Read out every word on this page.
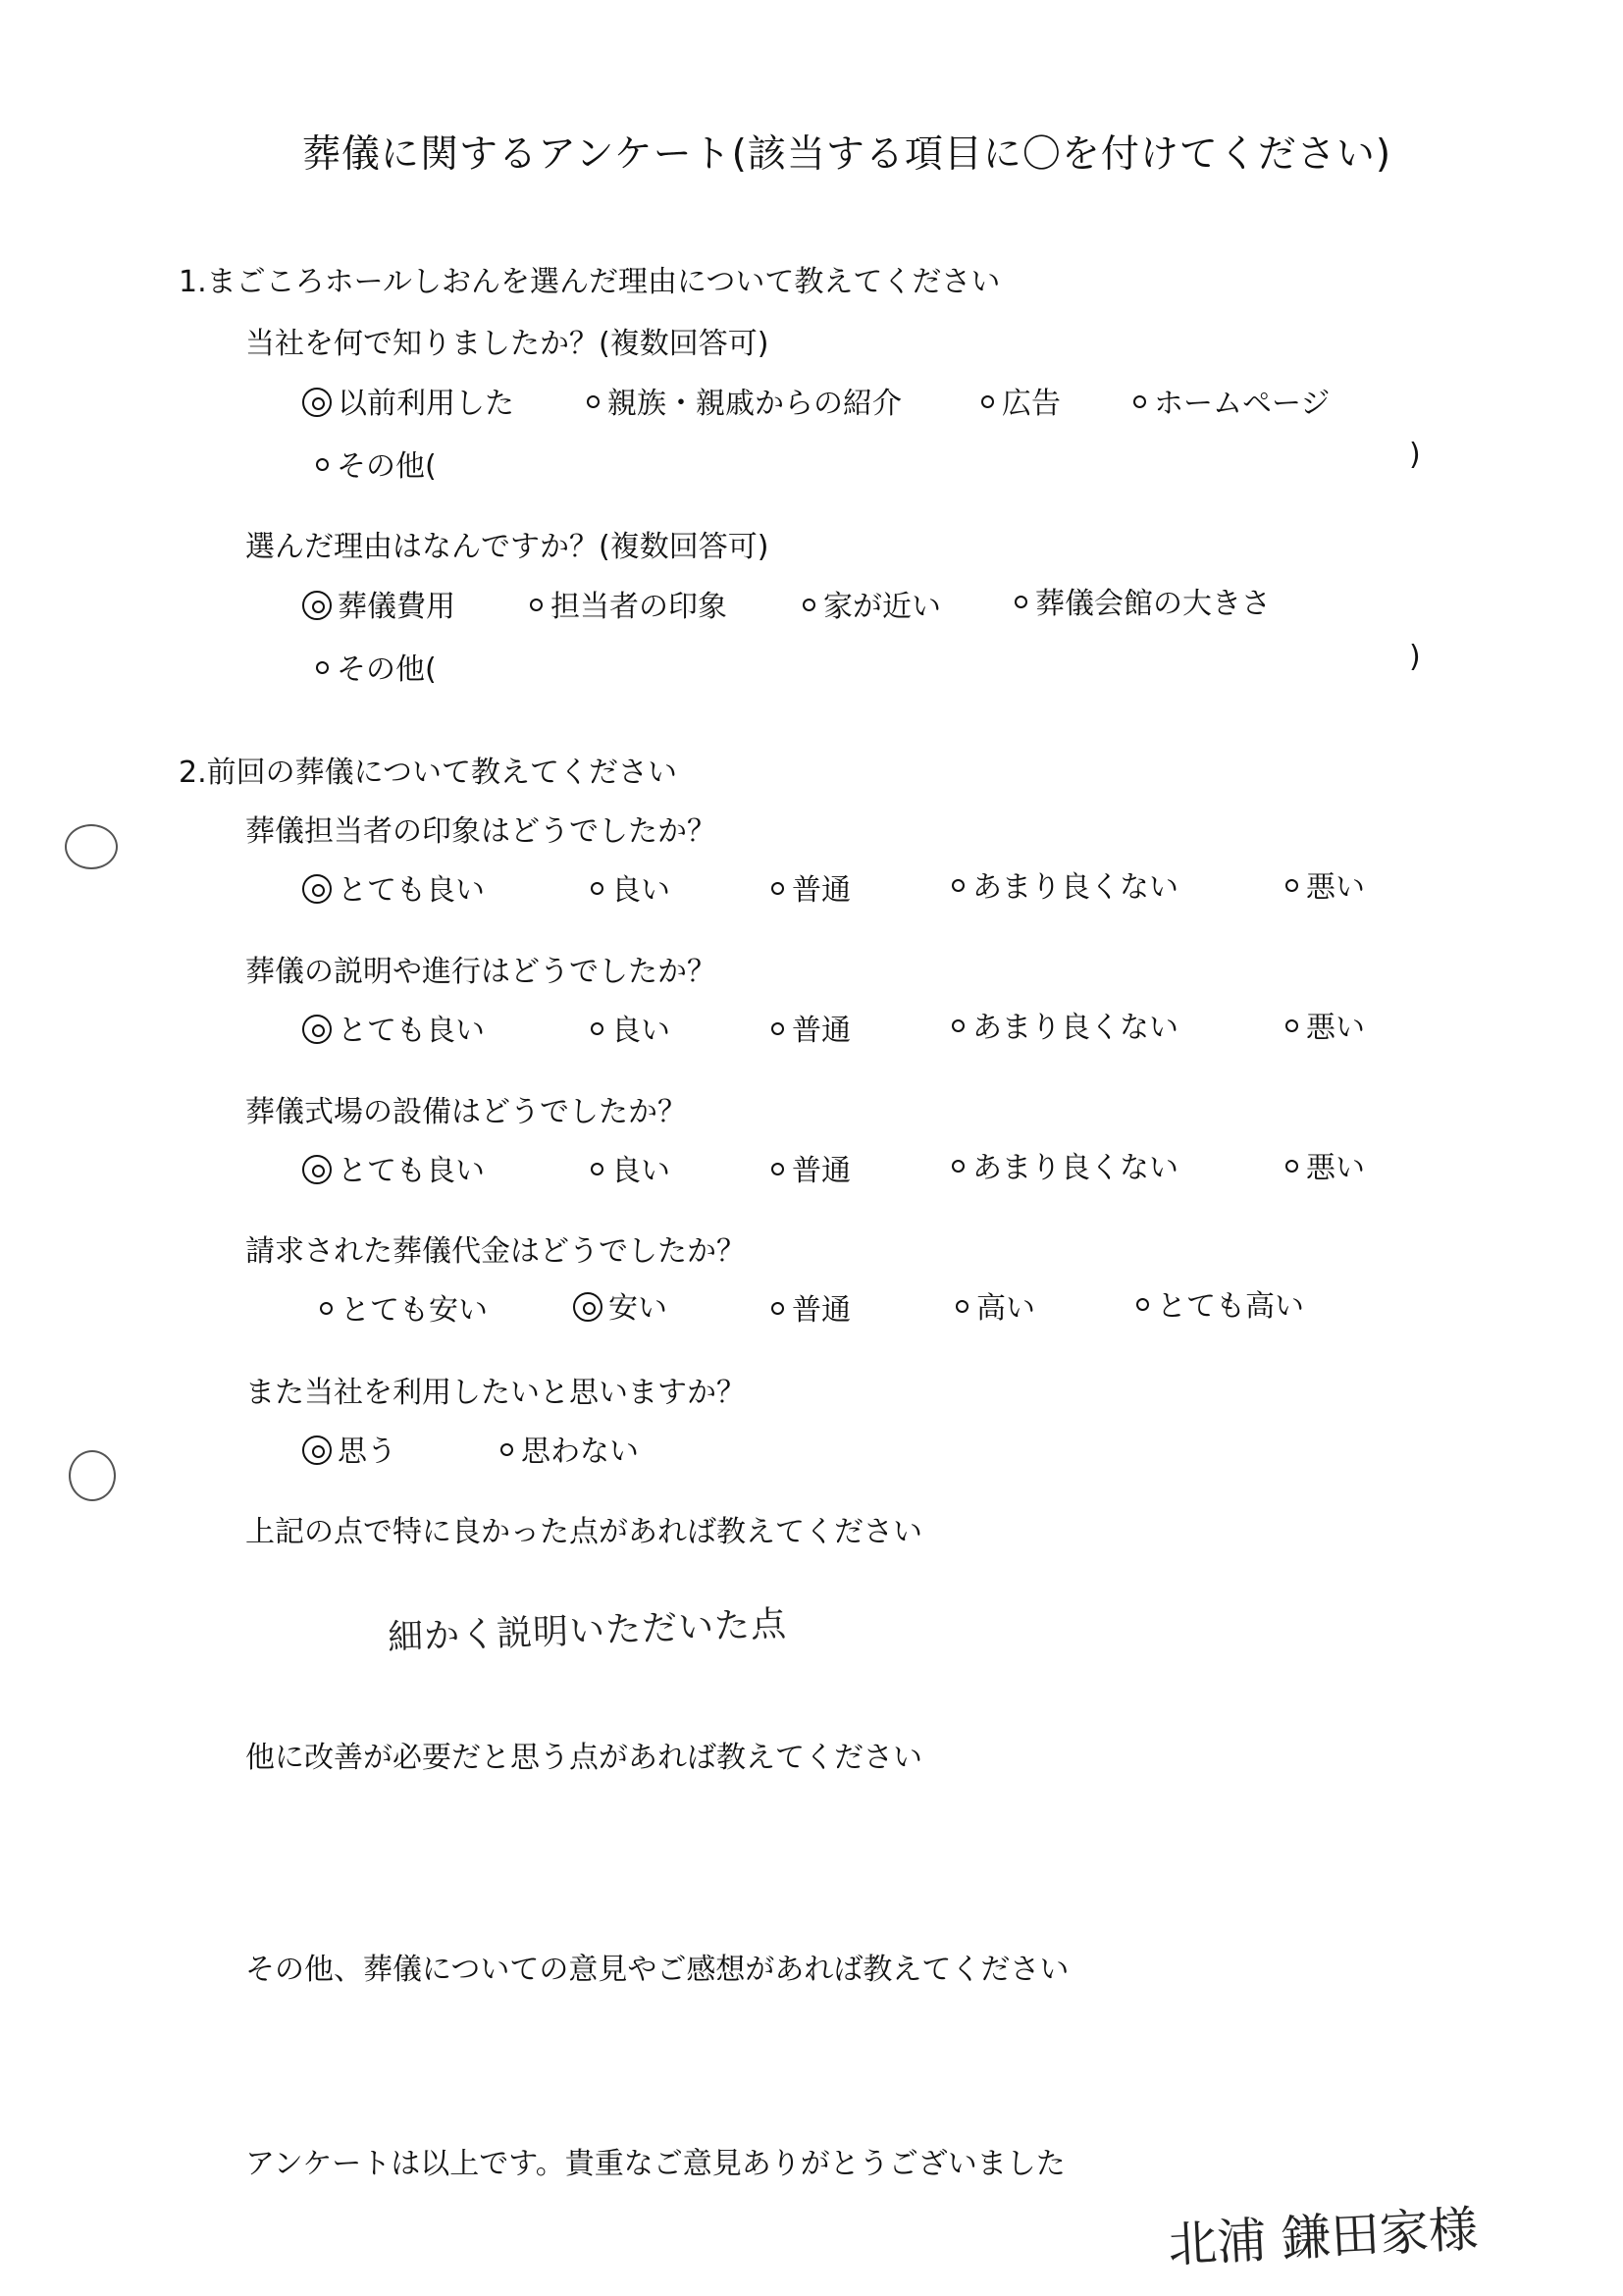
葬儀に関するアンケート(該当する項目に〇を付けてください)
1.まごころホールしおんを選んだ理由について教えてください
当社を何で知りましたか？(複数回答可)
以前利用した	親族・親戚からの紹介	広告	ホームページ
その他(	)
選んだ理由はなんですか？(複数回答可)
葬儀費用	担当者の印象	家が近い	葬儀会館の大きさ
その他(	)
2.前回の葬儀について教えてください
葬儀担当者の印象はどうでしたか？
とても良い	良い	普通	あまり良くない	悪い
葬儀の説明や進行はどうでしたか？
とても良い	良い	普通	あまり良くない	悪い
葬儀式場の設備はどうでしたか？
とても良い	良い	普通	あまり良くない	悪い
請求された葬儀代金はどうでしたか？
とても安い	安い	普通	高い	とても高い
また当社を利用したいと思いますか？
思う	思わない
上記の点で特に良かった点があれば教えてください
細かく説明いただいた点
他に改善が必要だと思う点があれば教えてください
その他、葬儀についての意見やご感想があれば教えてください
アンケートは以上です。貴重なご意見ありがとうございました
北浦 鎌田家様
